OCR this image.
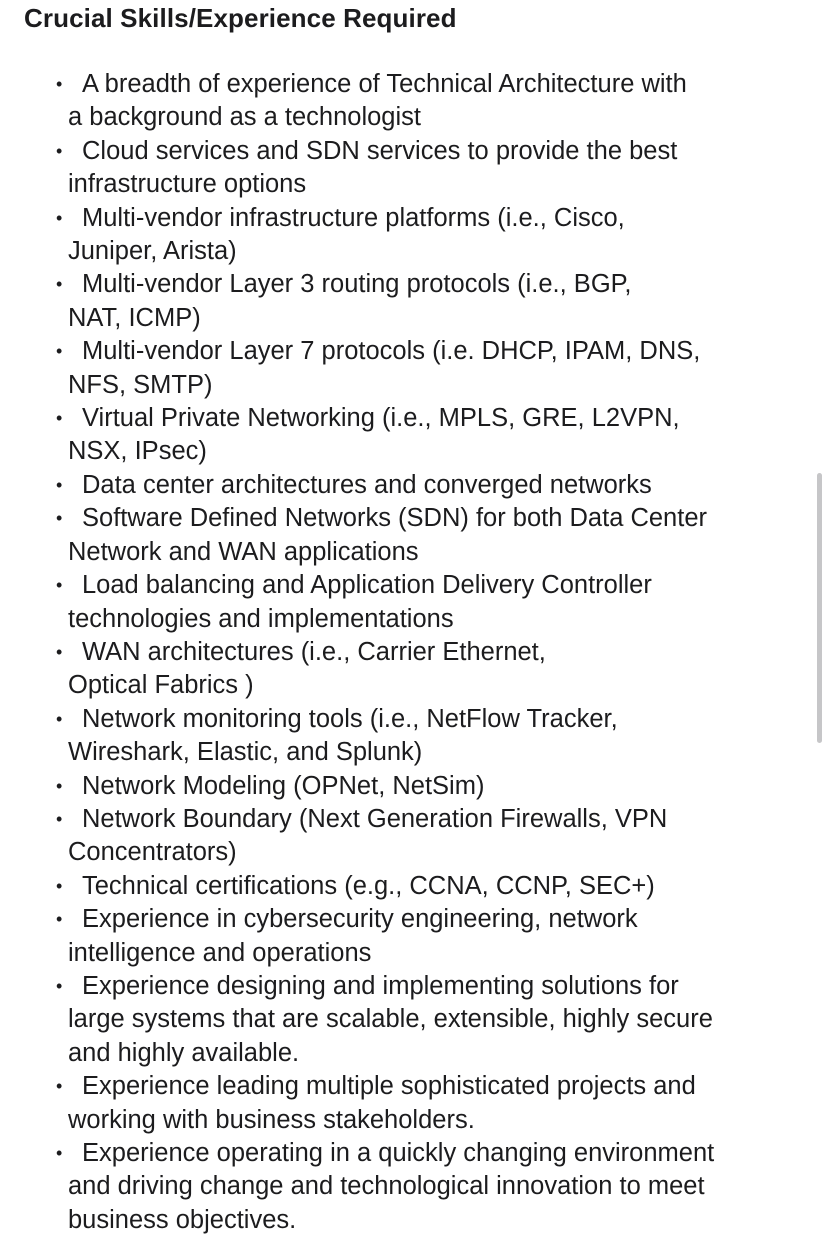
Crucial Skills/Experience Required
• A breadth of experience of Technical Architecture with
a background as a technologist
• Cloud services and SDN services to provide the best
infrastructure options
• Multi-vendor infrastructure platforms (i.e., Cisco,
Juniper, Arista)
• Multi-vendor Layer 3 routing protocols (i.e., BGP,
NAT, ICMP)
• Multi-vendor Layer 7 protocols (i.e. DHCP, IPAM, DNS,
NFS, SMTP)
• Virtual Private Networking (i.e., MPLS, GRE, L2VPN,
NSX, IPsec)
• Data center architectures and converged networks
• Software Defined Networks (SDN) for both Data Center
Network and WAN applications
• Load balancing and Application Delivery Controller
technologies and implementations
• WAN architectures (i.e., Carrier Ethernet,
Optical Fabrics )
• Network monitoring tools (i.e., NetFlow Tracker,
Wireshark, Elastic, and Splunk)
• Network Modeling (OPNet, NetSim)
• Network Boundary (Next Generation Firewalls, VPN
Concentrators)
• Technical certifications (e.g., CCNA, CCNP, SEC+)
• Experience in cybersecurity engineering, network
intelligence and operations
• Experience designing and implementing solutions for
large systems that are scalable, extensible, highly secure
and highly available.
• Experience leading multiple sophisticated projects and
working with business stakeholders.
• Experience operating in a quickly changing environment
and driving change and technological innovation to meet
business objectives.
